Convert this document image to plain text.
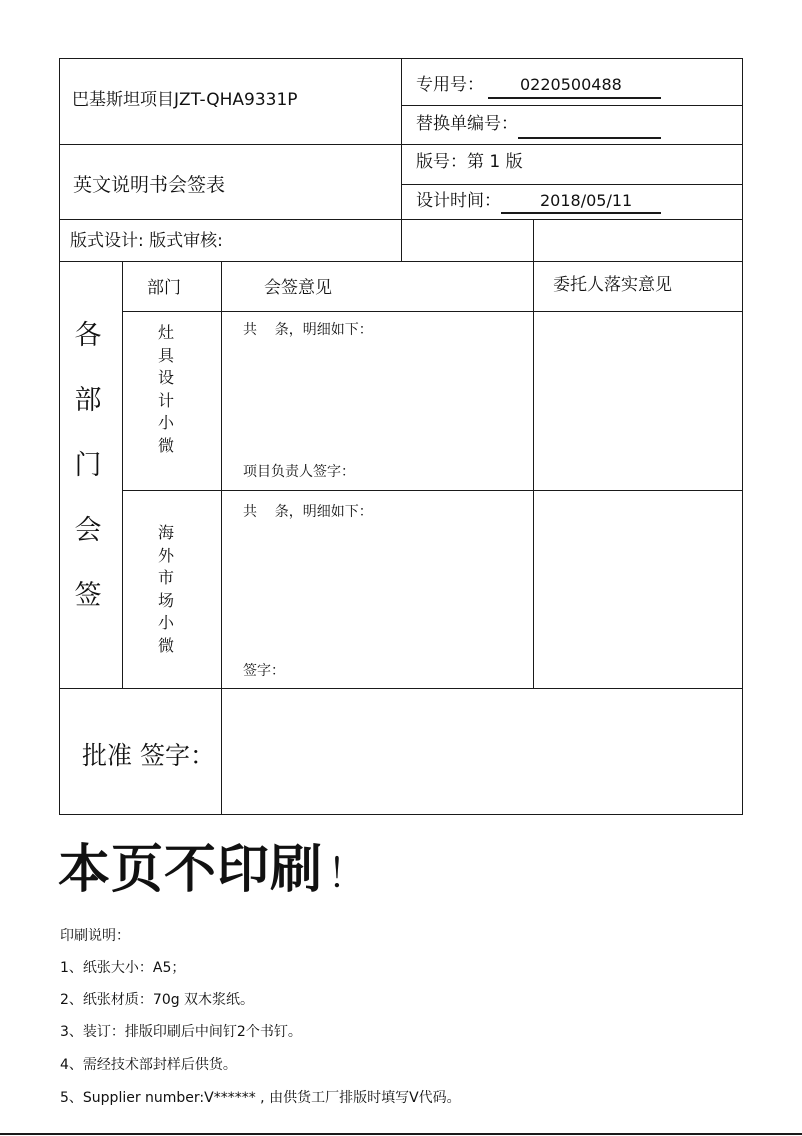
巴基斯坦项目JZT-QHA9331P
专用号： 0220500488
替换单编号：
英文说明书会签表
版号：第 1 版
设计时间： 2018/05/11
版式设计: 版式审核:
各
部
门
会
签
部门	会签意见	委托人落实意见
灶
具
设
计
小
微
共    条，明细如下：
项目负责人签字：
海
外
市
场
小
微
共    条，明细如下：
签字：
批准 签字：
本页不印刷 ！
印刷说明：
1、纸张大小：A5；
2、纸张材质：70g 双木浆纸。
3、装订：排版印刷后中间钉2个书钉。
4、需经技术部封样后供货。
5、Supplier number:V****** , 由供货工厂排版时填写V代码。
